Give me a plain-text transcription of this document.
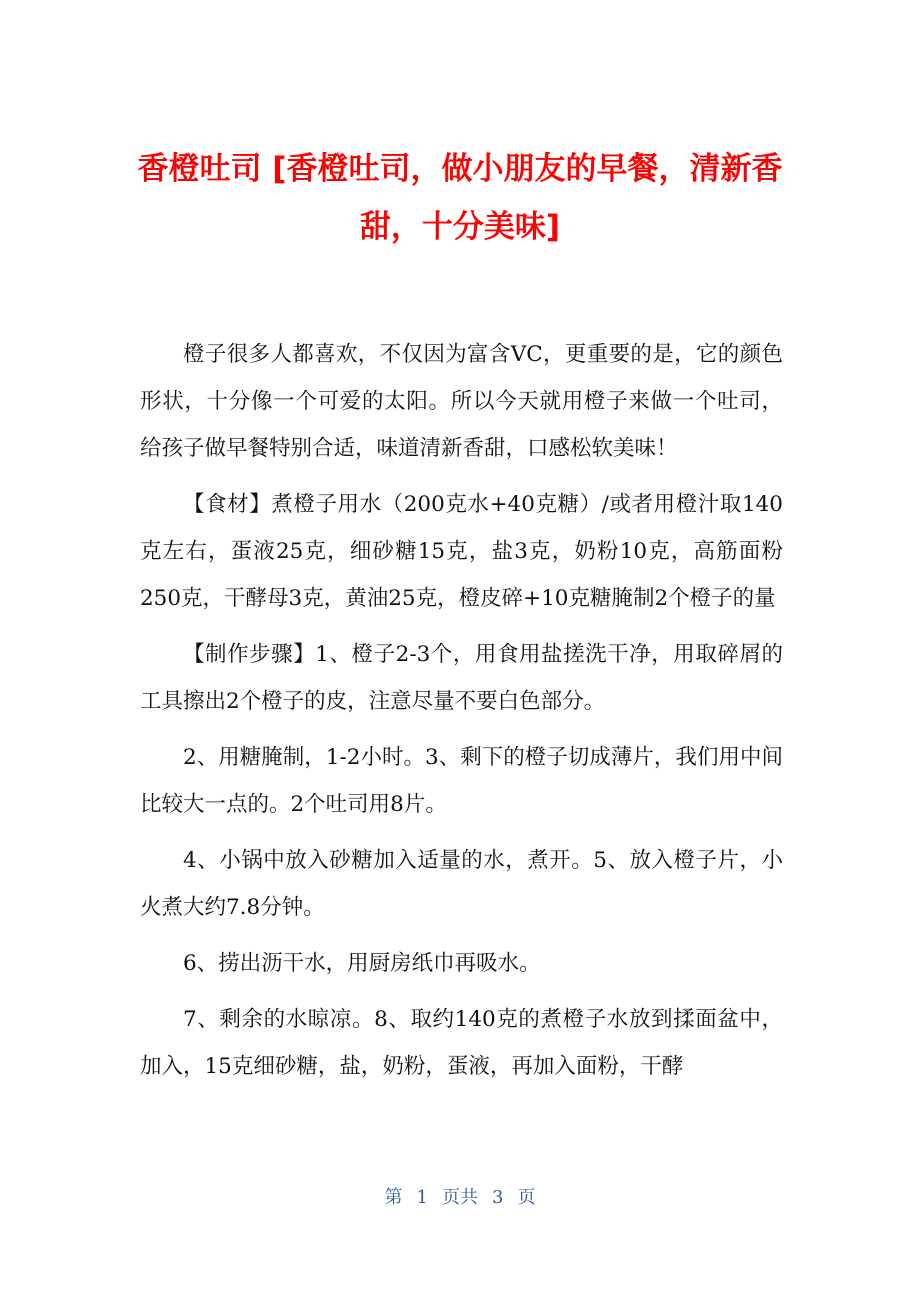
香橙吐司 [香橙吐司，做小朋友的早餐，清新香甜，十分美味]

橙子很多人都喜欢，不仅因为富含VC，更重要的是，它的颜色形状，十分像一个可爱的太阳。所以今天就用橙子来做一个吐司，给孩子做早餐特别合适，味道清新香甜，口感松软美味！

【食材】煮橙子用水（200克水+40克糖）/或者用橙汁取140克左右，蛋液25克，细砂糖15克，盐3克，奶粉10克，高筋面粉250克，干酵母3克，黄油25克，橙皮碎+10克糖腌制2个橙子的量

【制作步骤】1、橙子2-3个，用食用盐搓洗干净，用取碎屑的工具擦出2个橙子的皮，注意尽量不要白色部分。

2、用糖腌制，1-2小时。3、剩下的橙子切成薄片，我们用中间比较大一点的。2个吐司用8片。

4、小锅中放入砂糖加入适量的水，煮开。5、放入橙子片，小火煮大约7.8分钟。

6、捞出沥干水，用厨房纸巾再吸水。

7、剩余的水晾凉。8、取约140克的煮橙子水放到揉面盆中，加入，15克细砂糖，盐，奶粉，蛋液，再加入面粉，干酵

第 1 页共 3 页
